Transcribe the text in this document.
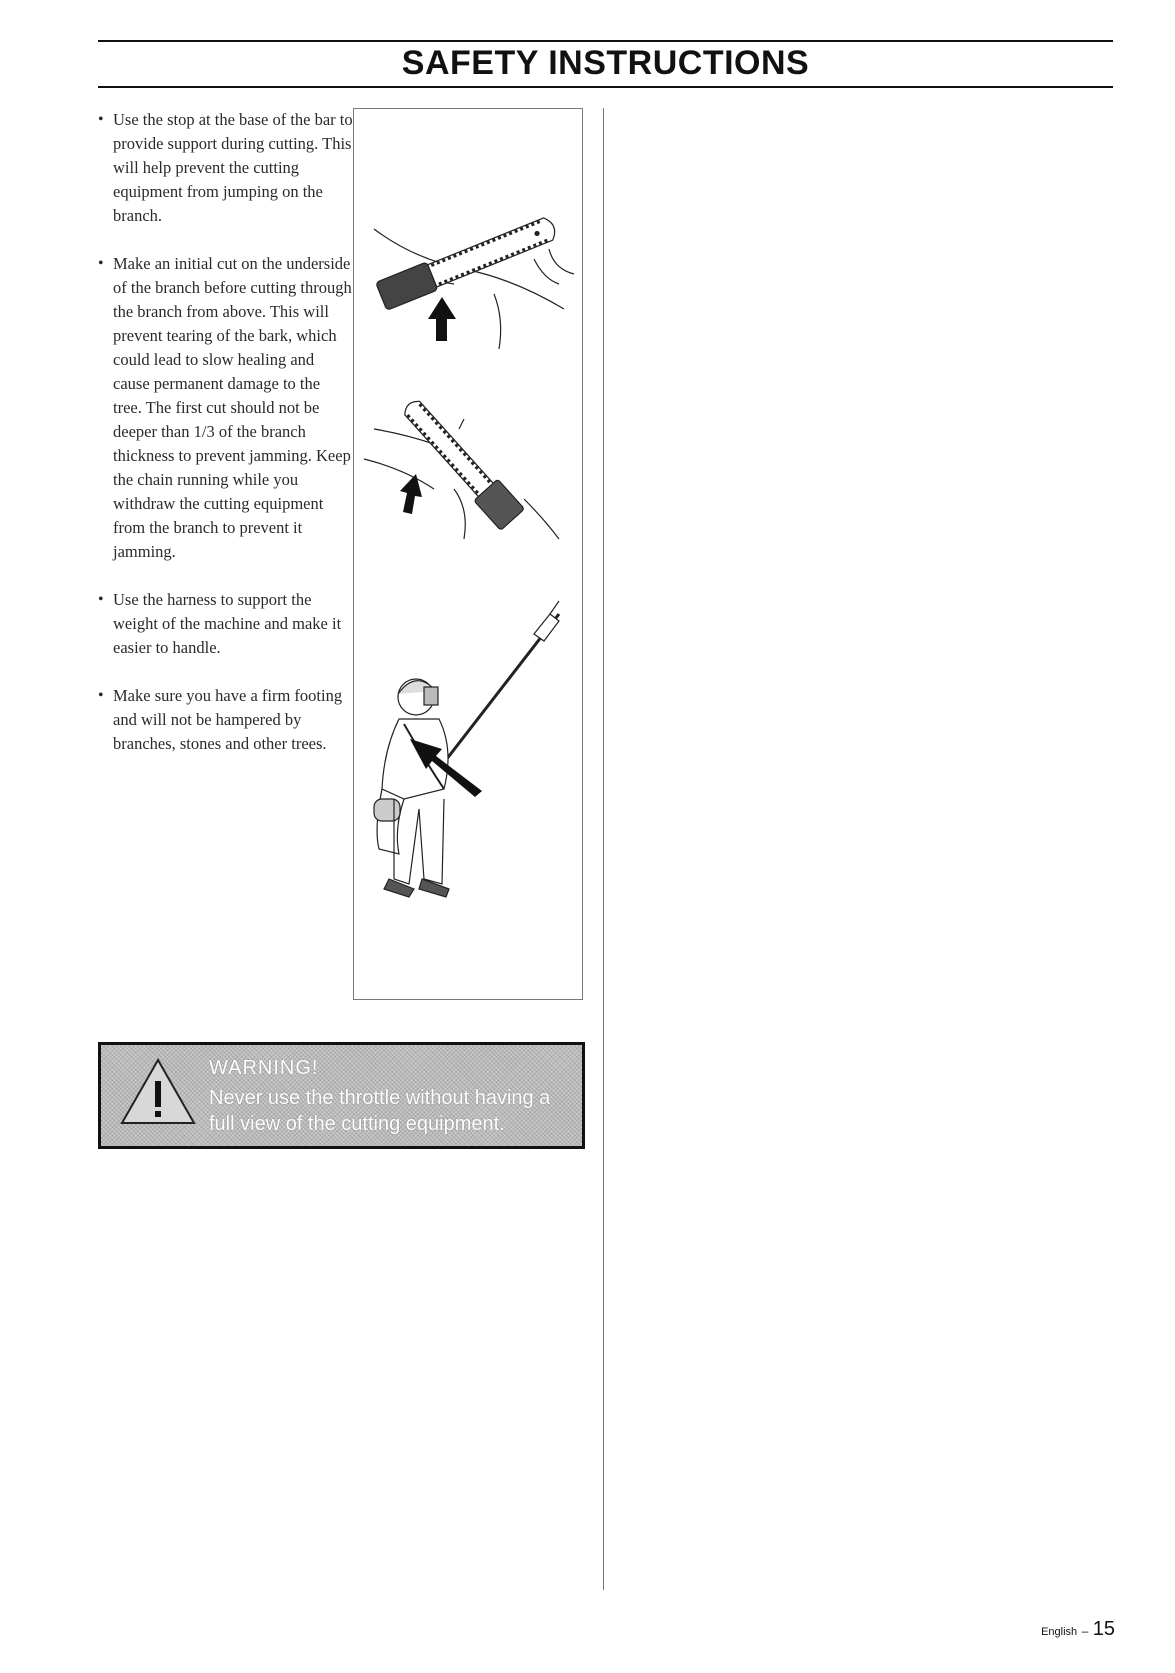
SAFETY INSTRUCTIONS
• Use the stop at the base of the bar to provide support during cutting. This will help prevent the cutting equipment from jumping on the branch.
• Make an initial cut on the underside of the branch before cutting through the branch from above. This will prevent tearing of the bark, which could lead to slow healing and cause permanent damage to the tree. The first cut should not be deeper than 1/3 of the branch thickness to prevent jamming. Keep the chain running while you withdraw the cutting equipment from the branch to prevent it jamming.
• Use the harness to support the weight of the machine and make it easier to handle.
• Make sure you have a firm footing and will not be hampered by branches, stones and other trees.
WARNING!
Never use the throttle without having a full view of the cutting equipment.
English – 15
